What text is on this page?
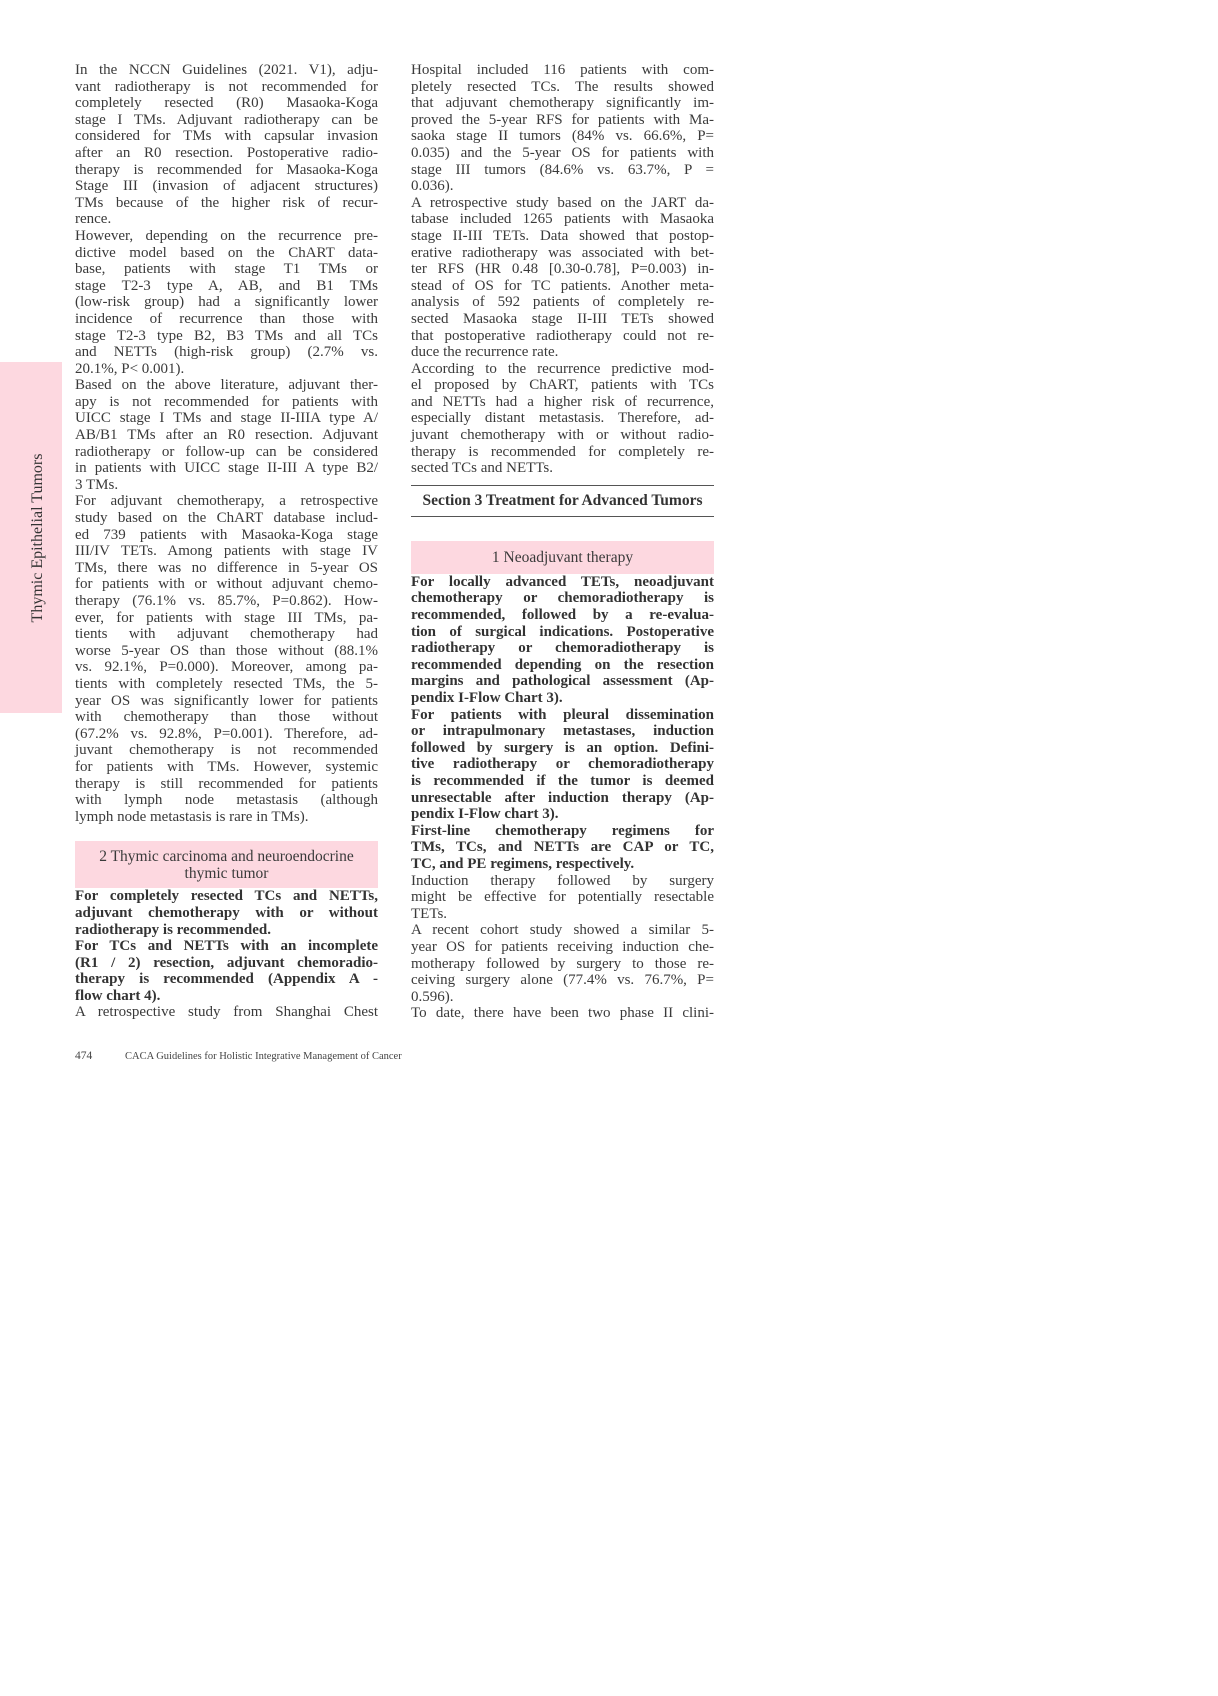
Thymic Epithelial Tumors
In the NCCN Guidelines (2021. V1), adju-
vant radiotherapy is not recommended for
completely resected (R0) Masaoka-Koga
stage I TMs. Adjuvant radiotherapy can be
considered for TMs with capsular invasion
after an R0 resection. Postoperative radio-
therapy is recommended for Masaoka-Koga
Stage III (invasion of adjacent structures)
TMs because of the higher risk of recur-
rence.
However, depending on the recurrence pre-
dictive model based on the ChART data-
base, patients with stage T1 TMs or
stage T2-3 type A, AB, and B1 TMs
(low-risk group) had a significantly lower
incidence of recurrence than those with
stage T2-3 type B2, B3 TMs and all TCs
and NETTs (high-risk group) (2.7% vs.
20.1%, P< 0.001).
Based on the above literature, adjuvant ther-
apy is not recommended for patients with
UICC stage I TMs and stage II-IIIA type A/
AB/B1 TMs after an R0 resection. Adjuvant
radiotherapy or follow-up can be considered
in patients with UICC stage II-III A type B2/
3 TMs.
For adjuvant chemotherapy, a retrospective
study based on the ChART database includ-
ed 739 patients with Masaoka-Koga stage
III/IV TETs. Among patients with stage IV
TMs, there was no difference in 5-year OS
for patients with or without adjuvant chemo-
therapy (76.1% vs. 85.7%, P=0.862). How-
ever, for patients with stage III TMs, pa-
tients with adjuvant chemotherapy had
worse 5-year OS than those without (88.1%
vs. 92.1%, P=0.000). Moreover, among pa-
tients with completely resected TMs, the 5-
year OS was significantly lower for patients
with chemotherapy than those without
(67.2% vs. 92.8%, P=0.001). Therefore, ad-
juvant chemotherapy is not recommended
for patients with TMs. However, systemic
therapy is still recommended for patients
with lymph node metastasis (although
lymph node metastasis is rare in TMs).
2 Thymic carcinoma and neuroendocrine
thymic tumor
For completely resected TCs and NETTs,
adjuvant chemotherapy with or without
radiotherapy is recommended.
For TCs and NETTs with an incomplete
(R1 / 2) resection, adjuvant chemoradio-
therapy is recommended (Appendix A -
flow chart 4).
A retrospective study from Shanghai Chest
Hospital included 116 patients with com-
pletely resected TCs. The results showed
that adjuvant chemotherapy significantly im-
proved the 5-year RFS for patients with Ma-
saoka stage II tumors (84% vs. 66.6%, P=
0.035) and the 5-year OS for patients with
stage III tumors (84.6% vs. 63.7%, P =
0.036).
A retrospective study based on the JART da-
tabase included 1265 patients with Masaoka
stage II-III TETs. Data showed that postop-
erative radiotherapy was associated with bet-
ter RFS (HR 0.48 [0.30-0.78], P=0.003) in-
stead of OS for TC patients. Another meta-
analysis of 592 patients of completely re-
sected Masaoka stage II-III TETs showed
that postoperative radiotherapy could not re-
duce the recurrence rate.
According to the recurrence predictive mod-
el proposed by ChART, patients with TCs
and NETTs had a higher risk of recurrence,
especially distant metastasis. Therefore, ad-
juvant chemotherapy with or without radio-
therapy is recommended for completely re-
sected TCs and NETTs.
Section 3 Treatment for Advanced Tumors
1 Neoadjuvant therapy
For locally advanced TETs, neoadjuvant
chemotherapy or chemoradiotherapy is
recommended, followed by a re-evalua-
tion of surgical indications. Postoperative
radiotherapy or chemoradiotherapy is
recommended depending on the resection
margins and pathological assessment (Ap-
pendix I-Flow Chart 3).
For patients with pleural dissemination
or intrapulmonary metastases, induction
followed by surgery is an option. Defini-
tive radiotherapy or chemoradiotherapy
is recommended if the tumor is deemed
unresectable after induction therapy (Ap-
pendix I-Flow chart 3).
First-line chemotherapy regimens for
TMs, TCs, and NETTs are CAP or TC,
TC, and PE regimens, respectively.
Induction therapy followed by surgery
might be effective for potentially resectable
TETs.
A recent cohort study showed a similar 5-
year OS for patients receiving induction che-
motherapy followed by surgery to those re-
ceiving surgery alone (77.4% vs. 76.7%, P=
0.596).
To date, there have been two phase II clini-
474	CACA Guidelines for Holistic Integrative Management of Cancer
